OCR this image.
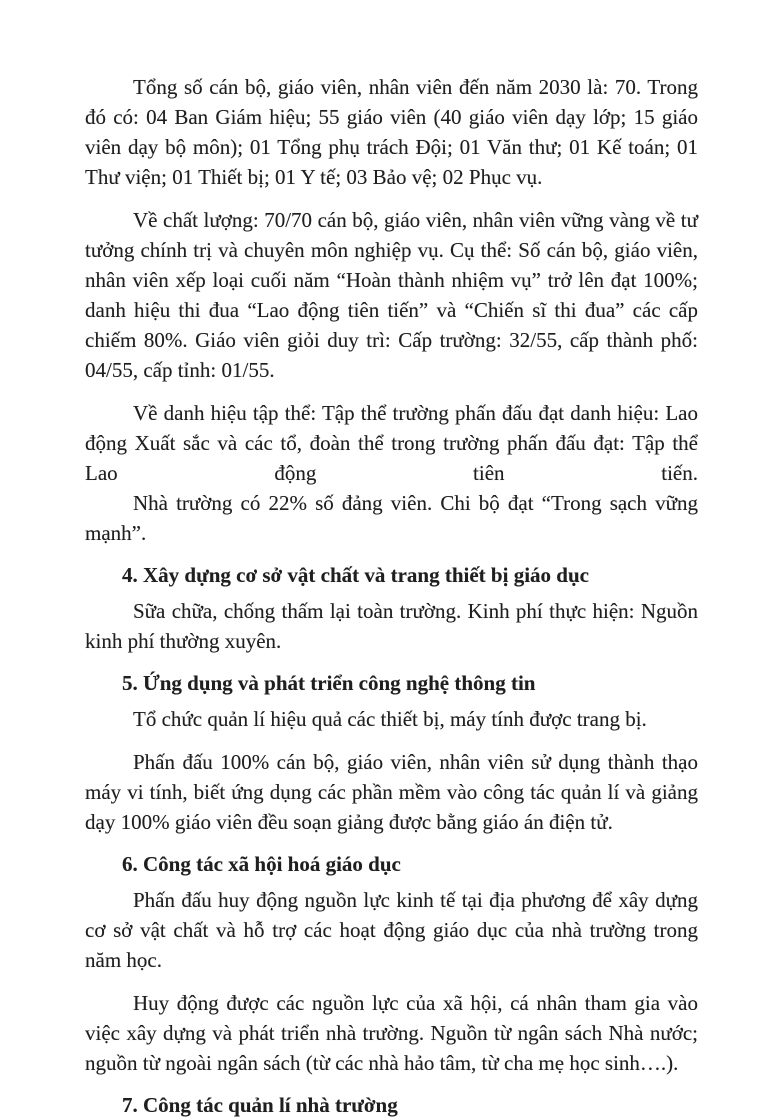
Tổng số cán bộ, giáo viên, nhân viên đến năm 2030 là: 70. Trong đó có: 04 Ban Giám hiệu; 55 giáo viên (40 giáo viên dạy lớp; 15 giáo viên dạy bộ môn); 01 Tổng phụ trách Đội; 01 Văn thư; 01 Kế toán; 01 Thư viện; 01 Thiết bị; 01 Y tế; 03 Bảo vệ; 02 Phục vụ.

Về chất lượng: 70/70 cán bộ, giáo viên, nhân viên vững vàng về tư tưởng chính trị và chuyên môn nghiệp vụ. Cụ thể: Số cán bộ, giáo viên, nhân viên xếp loại cuối năm “Hoàn thành nhiệm vụ” trở lên đạt 100%; danh hiệu thi đua “Lao động tiên tiến” và “Chiến sĩ thi đua” các cấp chiếm 80%. Giáo viên giỏi duy trì: Cấp trường: 32/55, cấp thành phố: 04/55, cấp tỉnh: 01/55.

Về danh hiệu tập thể: Tập thể trường phấn đấu đạt danh hiệu: Lao động Xuất sắc và các tổ, đoàn thể trong trường phấn đấu đạt: Tập thể Lao động tiên tiến.

Nhà trường có 22% số đảng viên. Chi bộ đạt “Trong sạch vững mạnh”.

4. Xây dựng cơ sở vật chất và trang thiết bị giáo dục

Sữa chữa, chống thấm lại toàn trường. Kinh phí thực hiện: Nguồn kinh phí thường xuyên.

5. Ứng dụng và phát triển công nghệ thông tin

Tổ chức quản lí hiệu quả các thiết bị, máy tính được trang bị.

Phấn đấu 100% cán bộ, giáo viên, nhân viên sử dụng thành thạo máy vi tính, biết ứng dụng các phần mềm vào công tác quản lí và giảng dạy 100% giáo viên đều soạn giảng được bằng giáo án điện tử.

6. Công tác xã hội hoá giáo dục

Phấn đấu huy động nguồn lực kinh tế tại địa phương để xây dựng cơ sở vật chất và hỗ trợ các hoạt động giáo dục của nhà trường trong năm học.

Huy động được các nguồn lực của xã hội, cá nhân tham gia vào việc xây dựng và phát triển nhà trường. Nguồn từ ngân sách Nhà nước; nguồn từ ngoài ngân sách (từ các nhà hảo tâm, từ cha mẹ học sinh….).

7. Công tác quản lí nhà trường
